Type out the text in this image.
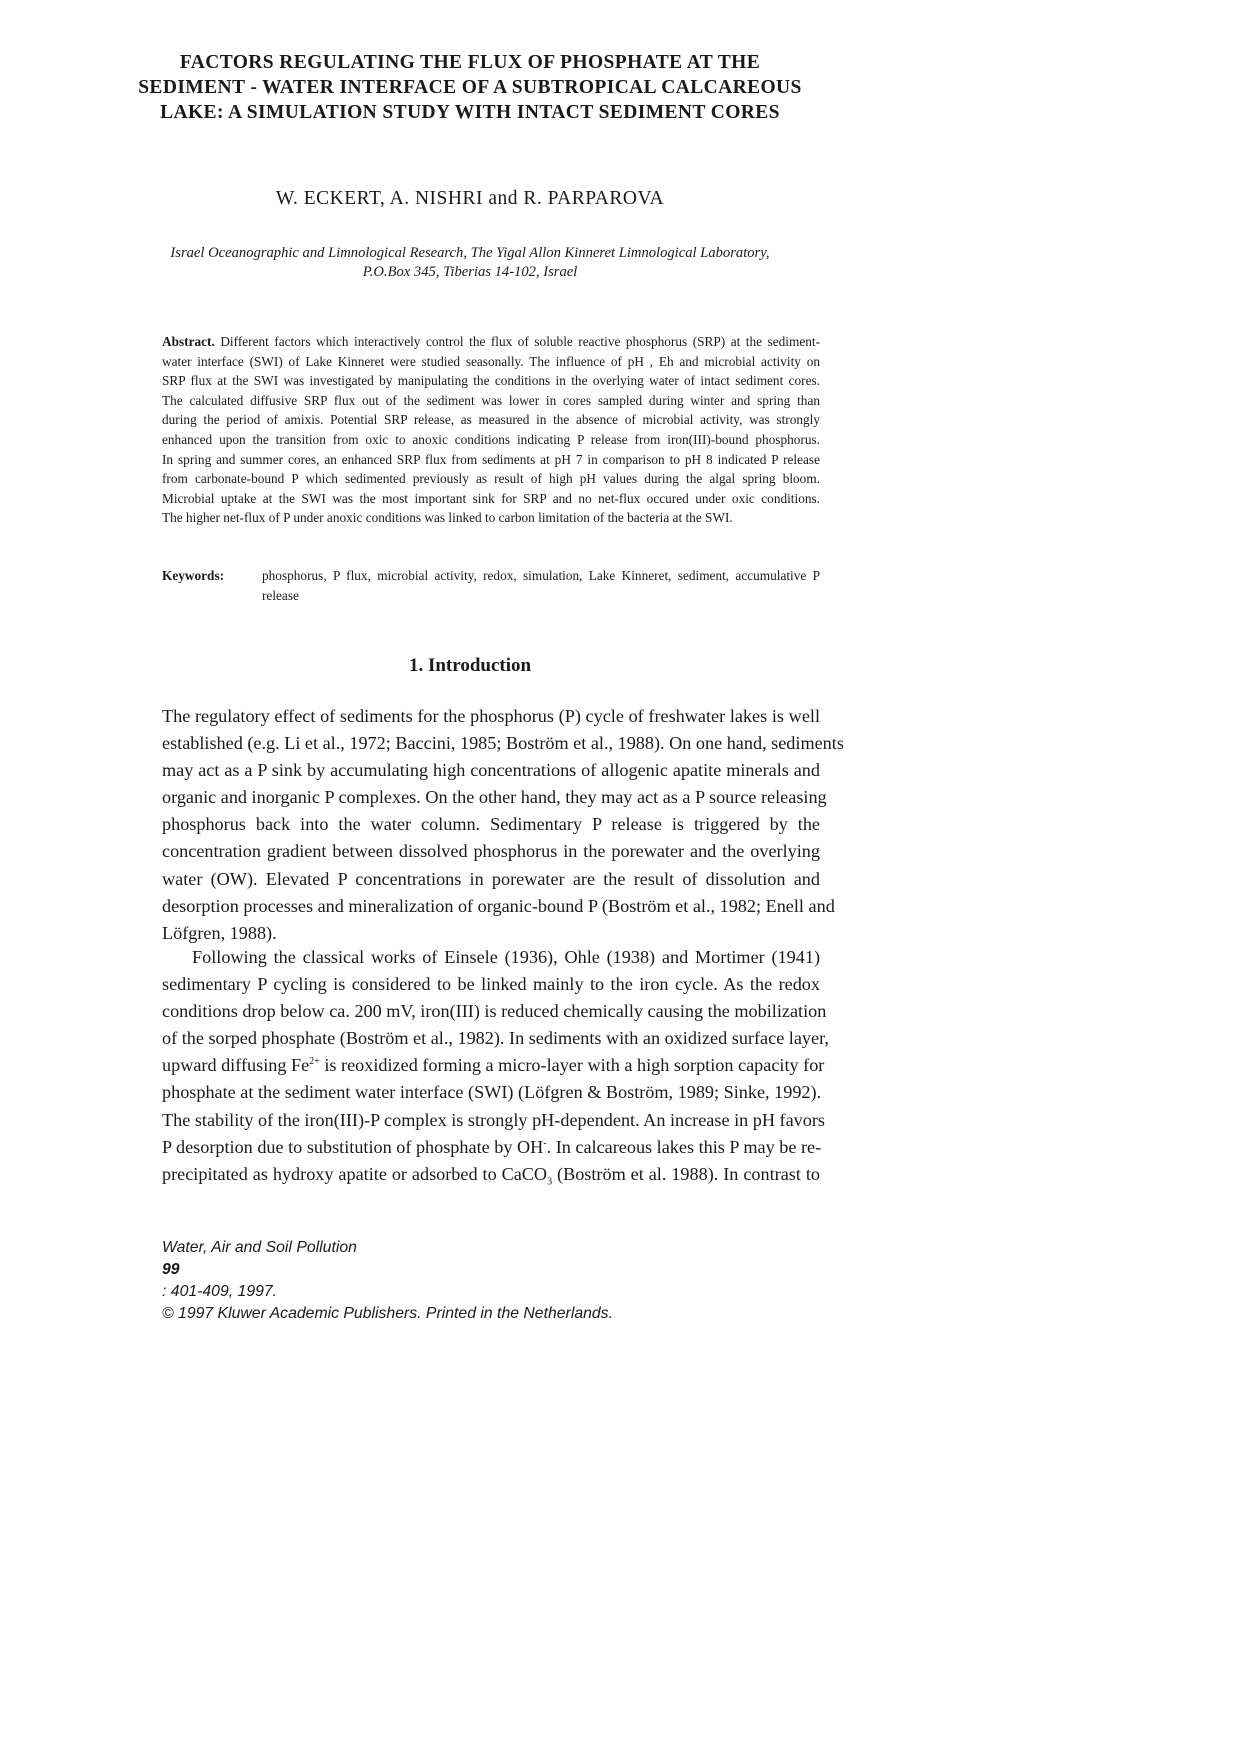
FACTORS REGULATING THE FLUX OF PHOSPHATE AT THE
SEDIMENT - WATER INTERFACE OF A SUBTROPICAL CALCAREOUS
LAKE: A SIMULATION STUDY WITH INTACT SEDIMENT CORES
W. ECKERT, A. NISHRI and R. PARPAROVA
Israel Oceanographic and Limnological Research, The Yigal Allon Kinneret Limnological Laboratory,
P.O.Box 345, Tiberias 14-102, Israel
Abstract. Different factors which interactively control the flux of soluble reactive phosphorus (SRP) at the sediment-
water interface (SWI) of Lake Kinneret were studied seasonally. The influence of pH , Eh and microbial activity on
SRP flux at the SWI was investigated by manipulating the conditions in the overlying water of intact sediment cores.
The calculated diffusive SRP flux out of the sediment was lower in cores sampled during winter and spring than
during the period of amixis. Potential SRP release, as measured in the absence of microbial activity, was strongly
enhanced upon the transition from oxic to anoxic conditions indicating P release from iron(III)-bound phosphorus.
In spring and summer cores, an enhanced SRP flux from sediments at pH 7 in comparison to pH 8 indicated P release
from carbonate-bound P which sedimented previously as result of high pH values during the algal spring bloom.
Microbial uptake at the SWI was the most important sink for SRP and no net-flux occured under oxic conditions.
The higher net-flux of P under anoxic conditions was linked to carbon limitation of the bacteria at the SWI.
Keywords:	phosphorus, P flux, microbial activity, redox, simulation, Lake Kinneret, sediment, accumulative P release
1. Introduction
The regulatory effect of sediments for the phosphorus (P) cycle of freshwater lakes is well
established (e.g. Li et al., 1972; Baccini, 1985; Boström et al., 1988). On one hand, sediments
may act as a P sink by accumulating high concentrations of allogenic apatite minerals and
organic and inorganic P complexes. On the other hand, they may act as a P source releasing
phosphorus back into the water column. Sedimentary P release is triggered by the
concentration gradient between dissolved phosphorus in the porewater and the overlying
water (OW). Elevated P concentrations in porewater are the result of dissolution and
desorption processes and mineralization of organic-bound P (Boström et al., 1982; Enell and
Löfgren, 1988).
Following the classical works of Einsele (1936), Ohle (1938) and Mortimer (1941)
sedimentary P cycling is considered to be linked mainly to the iron cycle. As the redox
conditions drop below ca. 200 mV, iron(III) is reduced chemically causing the mobilization
of the sorped phosphate (Boström et al., 1982). In sediments with an oxidized surface layer,
upward diffusing $Fe^{2+}$ is reoxidized forming a micro-layer with a high sorption capacity for
phosphate at the sediment water interface (SWI) (Löfgren & Boström, 1989; Sinke, 1992).
The stability of the iron(III)-P complex is strongly pH-dependent. An increase in pH favors
P desorption due to substitution of phosphate by OH-. In calcareous lakes this P may be re-
precipitated as hydroxy apatite or adsorbed to CaCO$_3$ (Boström et al. 1988). In contrast to
Water, Air and Soil Pollution
99
: 401-409, 1997.
© 1997 Kluwer Academic Publishers. Printed in the Netherlands.
